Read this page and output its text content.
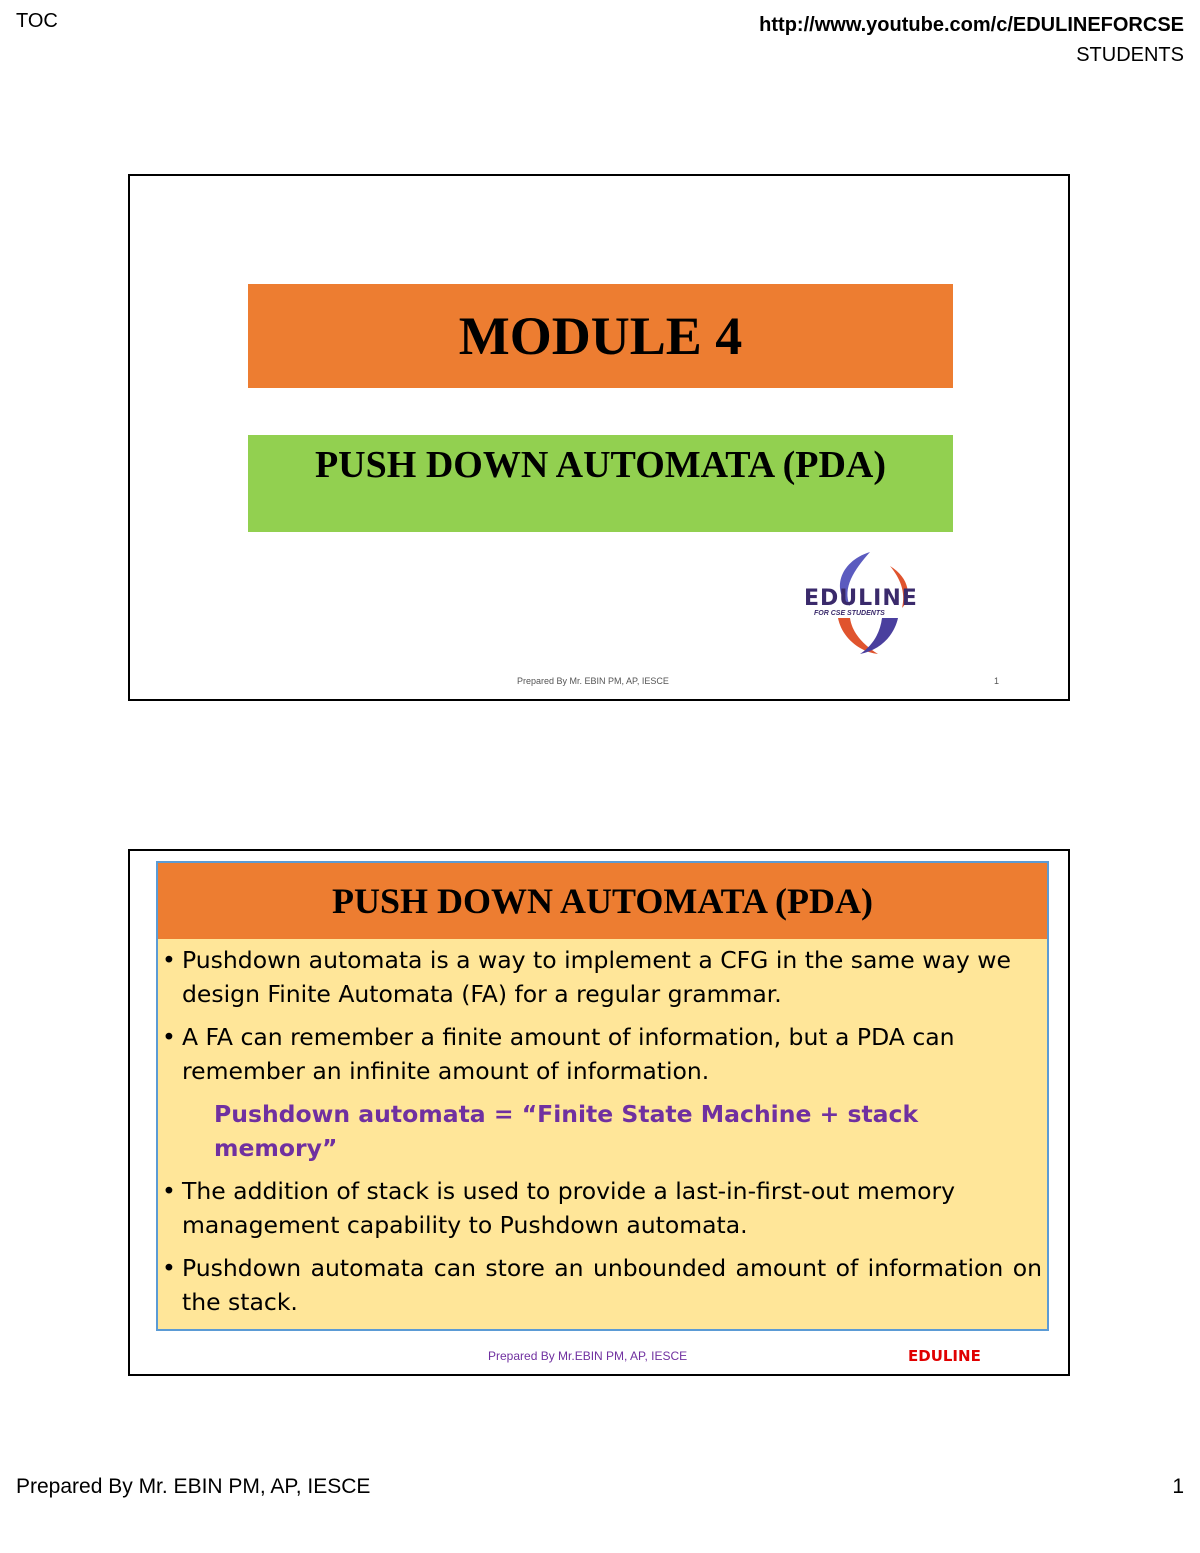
TOC	http://www.youtube.com/c/EDULINEFORCSE
STUDENTS
MODULE 4
PUSH DOWN AUTOMATA (PDA)
EDULINE
FOR CSE STUDENTS
Prepared By Mr. EBIN PM, AP, IESCE	1
PUSH DOWN AUTOMATA (PDA)
• Pushdown automata is a way to implement a CFG in the same way we design Finite Automata (FA) for a regular grammar.
• A FA can remember a finite amount of information, but a PDA can remember an infinite amount of information.
Pushdown automata = “Finite State Machine + stack memory”
• The addition of stack is used to provide a last-in-first-out memory management capability to Pushdown automata.
• Pushdown automata can store an unbounded amount of information on the stack.
Prepared By Mr.EBIN PM, AP, IESCE	EDULINE
Prepared By Mr. EBIN PM, AP, IESCE	1
